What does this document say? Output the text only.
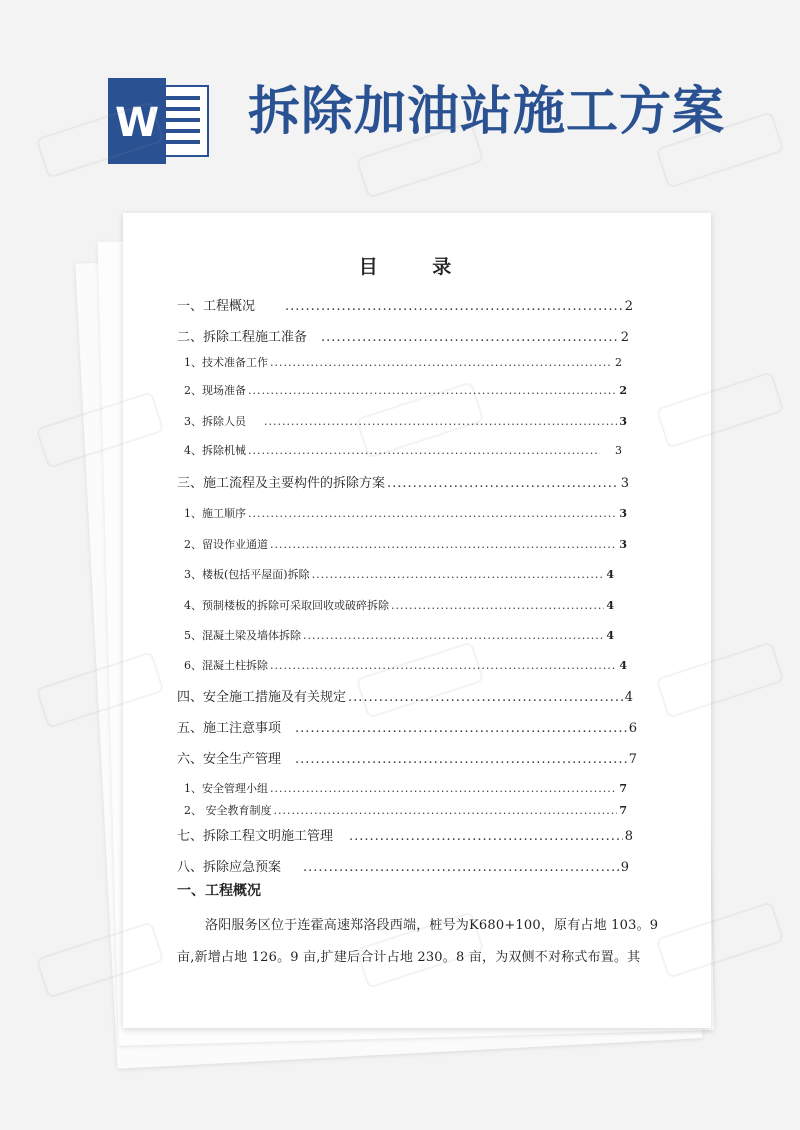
W 拆除加油站施工方案
目 录
一、工程概况 .....	2
二、拆除工程施工准备 .....	2
1、技术准备工作 .....	2
2、现场准备 .....	2
3、拆除人员 .....	3
4、拆除机械 .....	3
三、施工流程及主要构件的拆除方案 .....	3
1、施工顺序 .....	3
2、留设作业通道 .....	3
3、楼板(包括平屋面)拆除 .....	4
4、预制楼板的拆除可采取回收或破碎拆除 .....	4
5、混凝土梁及墙体拆除 .....	4
6、混凝土柱拆除 .....	4
四、安全施工措施及有关规定 .....	4
五、施工注意事项 .....	6
六、安全生产管理 .....	7
1、安全管理小组 .....	7
2、 安全教育制度 .....	7
七、拆除工程文明施工管理 .....	8
八、拆除应急预案 .....	9
一、工程概况
洛阳服务区位于连霍高速郑洛段西端，桩号为K680+100，原有占地 103。9
亩,新增占地 126。9 亩,扩建后合计占地 230。8 亩，为双侧不对称式布置。其
